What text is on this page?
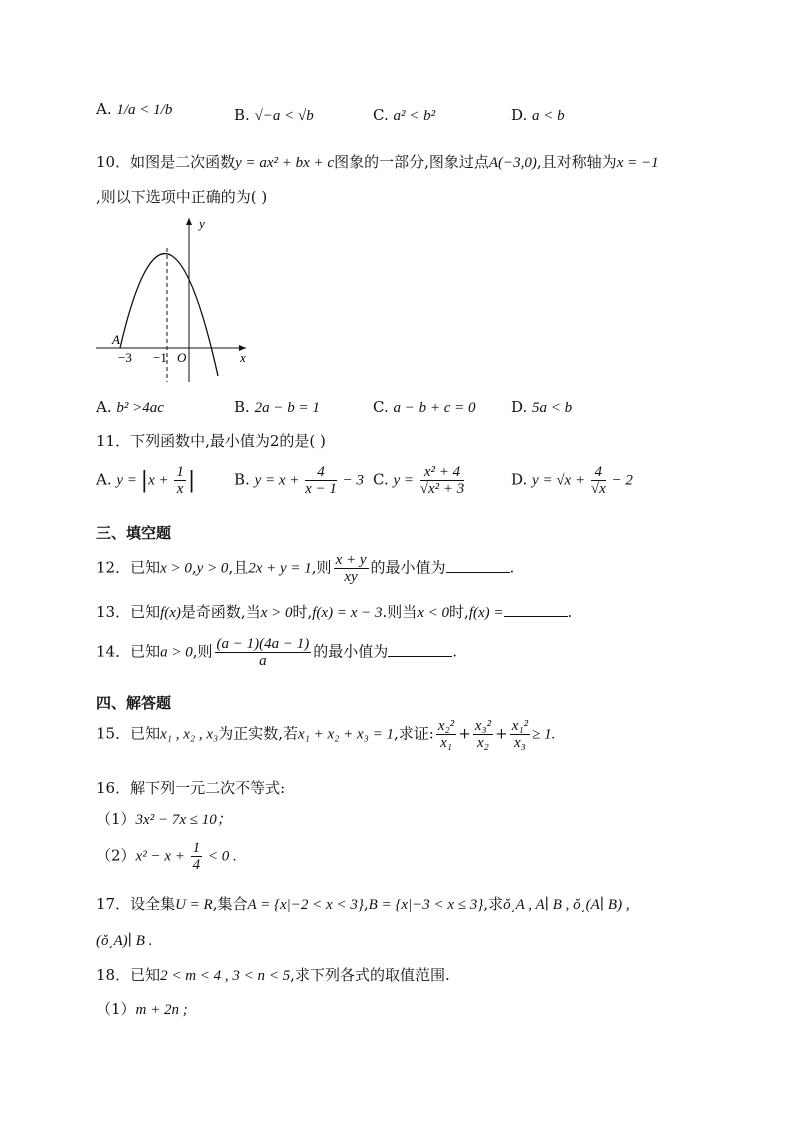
A. 1/a < 1/b	B. √−a < √b	C. a² < b²	D. a < b
10．如图是二次函数y = ax² + bx + c图象的一部分,图象过点A(−3,0),且对称轴为x = −1
,则以下选项中正确的为( )
y
x
O
A
−3 −1
A. b² >4ac	B. 2a − b = 1	C. a − b + c = 0 D. 5a < b
11．下列函数中,最小值为2的是( )
A. $y = |x + \frac{1}{x}$ |	B. $y = x + \frac{4}{x - 1} - 3$ C. $y = \frac{\text{x² + 4}}{\text{√x² + 3}}$	D. $y = √x + \frac{4}{√x} - 2$
三、填空题
12．已知x > 0,y > 0,且2x + y = 1,则 $\frac{x + y}{xy}$ 的最小值为	.
13．已知f(x)是奇函数,当x > 0时,f(x) = x − 3.则当x < 0时,f(x) =	.
14．已知a > 0,则 $\frac{(a - 1)(4a - 1)}{a}$ 的最小值为	.
四、解答题
15．已知x₁ , x₂ , x₃为正实数,若x₁ + x₂ + x₃ = 1,求证: $\frac{\text{x₂²}}{\text{x₁}} + \frac{\text{x₃²}}{\text{x₂}} + \frac{\text{x₁²}}{\text{x₃}} \ge 1$.
16．解下列一元二次不等式:
（1）3x² − 7x ≤ 10；
$(2)x^2 - x + \frac{1}{4} < 0$ .
17．设全集U = R,集合A = {x|−2 < x < 3},B = {x|−3 < x ≤ 3},求ǒ͵A , A∣ B , ǒ͵(A∣ B) ,
(ǒ͵A)∣ B .
18．已知2 < m < 4 , 3 < n < 5,求下列各式的取值范围.
（1）m + 2n ;
